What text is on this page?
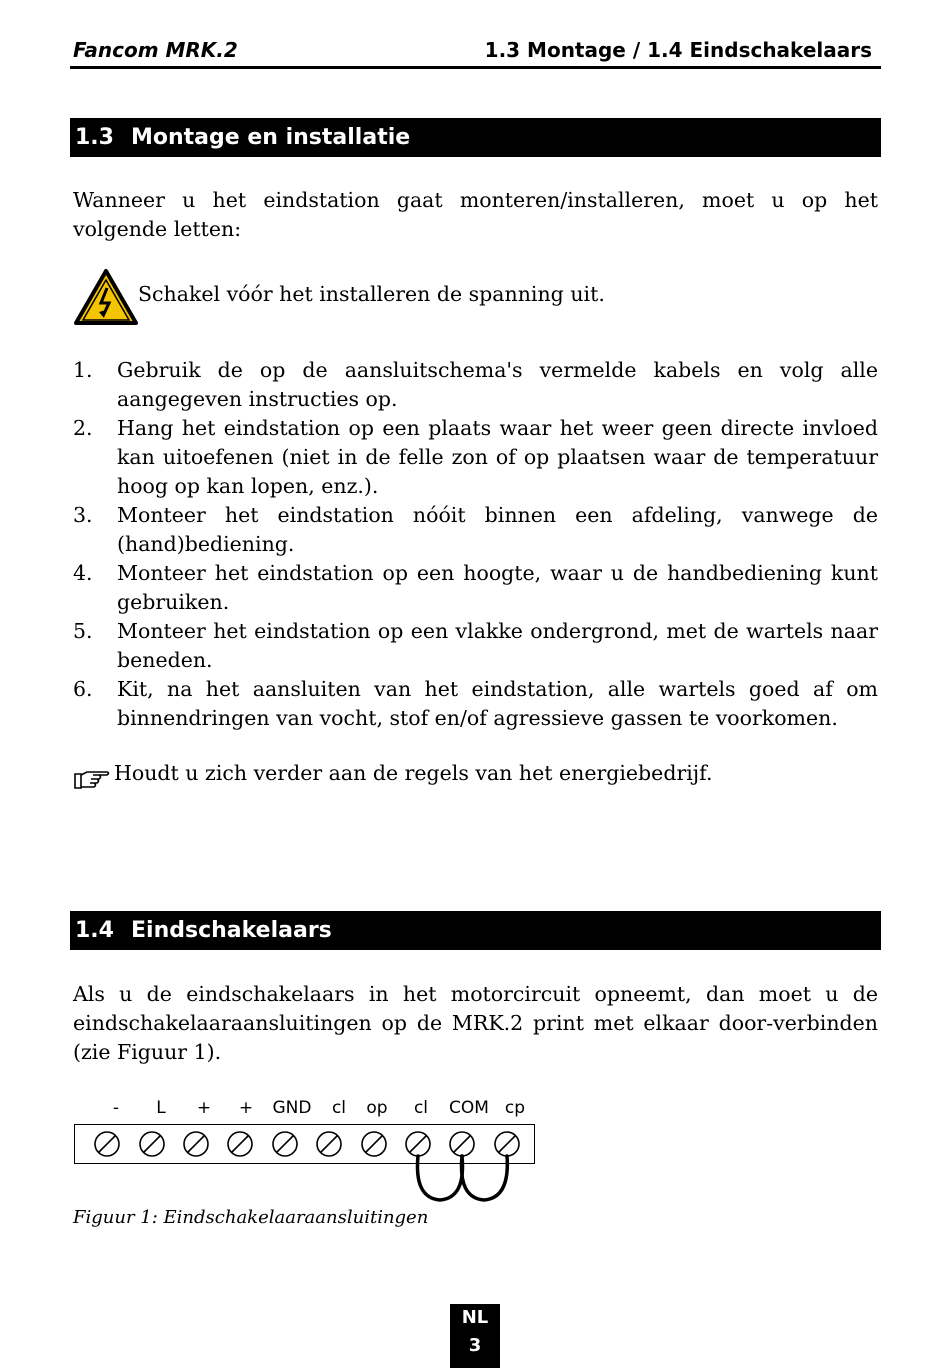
Fancom MRK.2	1.3 Montage / 1.4 Eindschakelaars
1.3 Montage en installatie
Wanneer u het eindstation gaat monteren/installeren, moet u op het volgende letten:
Schakel vóór het installeren de spanning uit.
1. Gebruik de op de aansluitschema's vermelde kabels en volg alle aangegeven instructies op.
2. Hang het eindstation op een plaats waar het weer geen directe invloed kan uitoefenen (niet in de felle zon of op plaatsen waar de temperatuur hoog op kan lopen, enz.).
3. Monteer het eindstation nóóit binnen een afdeling, vanwege de (hand)bediening.
4. Monteer het eindstation op een hoogte, waar u de handbediening kunt gebruiken.
5. Monteer het eindstation op een vlakke ondergrond, met de wartels naar beneden.
6. Kit, na het aansluiten van het eindstation, alle wartels goed af om binnendringen van vocht, stof en/of agressieve gassen te voorkomen.
Houdt u zich verder aan de regels van het energiebedrijf.
1.4 Eindschakelaars
Als u de eindschakelaars in het motorcircuit opneemt, dan moet u de eindschakelaaraansluitingen op de MRK.2 print met elkaar door-verbinden (zie Figuur 1).
- L + + GND cl op cl COM cp
Figuur 1: Eindschakelaaraansluitingen
NL
3
